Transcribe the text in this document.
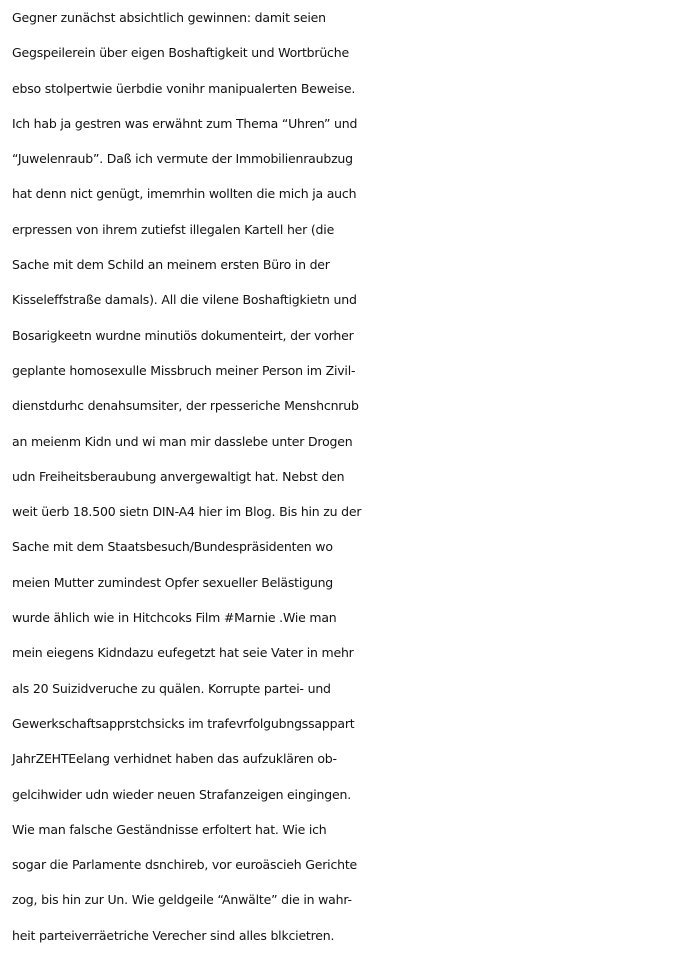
Gegner zunächst absichtlich gewinnen: damit seien
Gegspeilerein über eigen Boshaftigkeit und Wortbrüche
ebso stolpertwie üerbdie vonihr manipualerten Beweise.
Ich hab ja gestren was erwähnt zum Thema “Uhren” und
“Juwelenraub”. Daß ich vermute der Immobilienraubzug
hat denn nict genügt, imemrhin wollten die mich ja auch
erpressen von ihrem zutiefst illegalen Kartell her (die
Sache mit dem Schild an meinem ersten Büro in der
Kisseleffstraße damals). All die vilene Boshaftigkietn und
Bosarigkeetn wurdne minutiös dokumenteirt, der vorher
geplante homosexulle Missbruch meiner Person im Zivil-
dienstdurhc denahsumsiter, der rpesseriche Menshcnrub
an meienm Kidn und wi man mir dasslebe unter Drogen
udn Freiheitsberaubung anvergewaltigt hat. Nebst den
weit üerb 18.500 sietn DIN-A4 hier im Blog. Bis hin zu der
Sache mit dem Staatsbesuch/Bundespräsidenten wo
meien Mutter zumindest Opfer sexueller Belästigung
wurde ählich wie in Hitchcoks Film #Marnie .Wie man
mein eiegens Kidndazu eufegetzt hat seie Vater in mehr
als 20 Suizidveruche zu quälen. Korrupte partei- und
Gewerkschaftsapprstchsicks im trafevrfolgubngssappart
JahrZEHTEelang verhidnet haben das aufzuklären ob-
gelcihwider udn wieder neuen Strafanzeigen eingingen.
Wie man falsche Geständnisse erfoltert hat. Wie ich
sogar die Parlamente dsnchireb, vor euroäscieh Gerichte
zog, bis hin zur Un. Wie geldgeile “Anwälte” die in wahr-
heit parteiverräetriche Verecher sind alles blkcietren.
